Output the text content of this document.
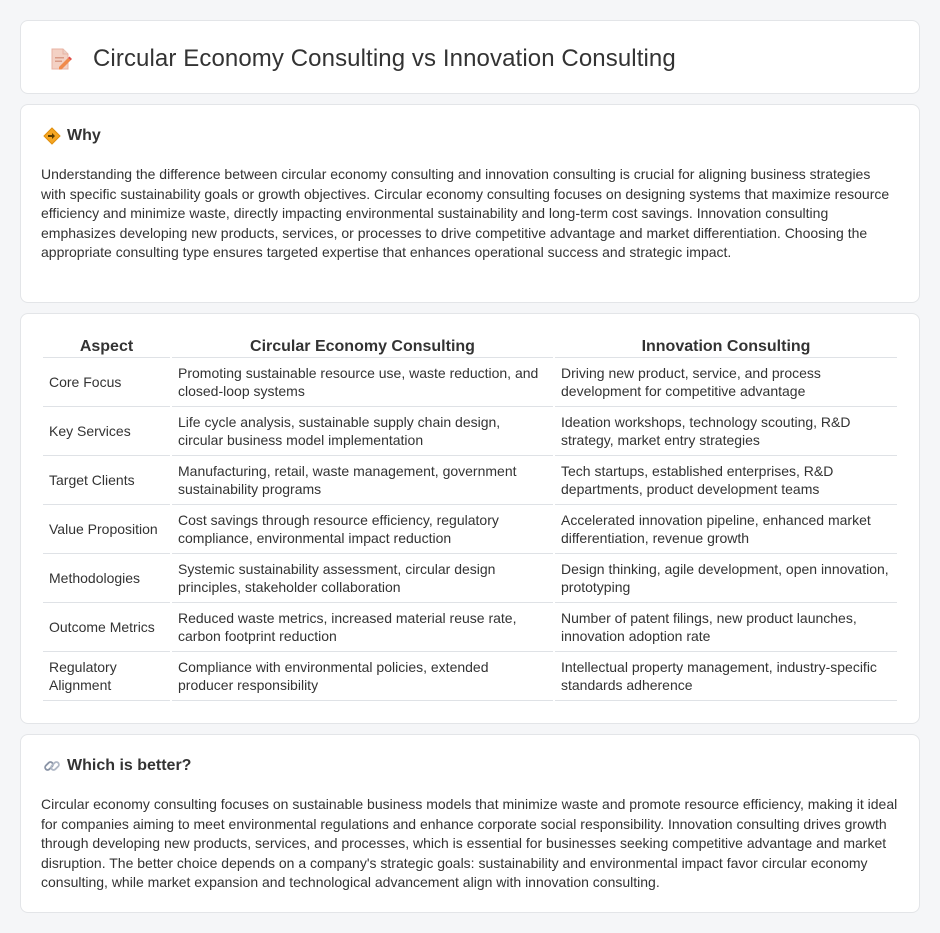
Circular Economy Consulting vs Innovation Consulting
Why

Understanding the difference between circular economy consulting and innovation consulting is crucial for aligning business strategies with specific sustainability goals or growth objectives. Circular economy consulting focuses on designing systems that maximize resource efficiency and minimize waste, directly impacting environmental sustainability and long-term cost savings. Innovation consulting emphasizes developing new products, services, or processes to drive competitive advantage and market differentiation. Choosing the appropriate consulting type ensures targeted expertise that enhances operational success and strategic impact.

Aspect	Circular Economy Consulting	Innovation Consulting
Core Focus	Promoting sustainable resource use, waste reduction, and closed-loop systems	Driving new product, service, and process development for competitive advantage
Key Services	Life cycle analysis, sustainable supply chain design, circular business model implementation	Ideation workshops, technology scouting, R&D strategy, market entry strategies
Target Clients	Manufacturing, retail, waste management, government sustainability programs	Tech startups, established enterprises, R&D departments, product development teams
Value Proposition	Cost savings through resource efficiency, regulatory compliance, environmental impact reduction	Accelerated innovation pipeline, enhanced market differentiation, revenue growth
Methodologies	Systemic sustainability assessment, circular design principles, stakeholder collaboration	Design thinking, agile development, open innovation, prototyping
Outcome Metrics	Reduced waste metrics, increased material reuse rate, carbon footprint reduction	Number of patent filings, new product launches, innovation adoption rate
Regulatory Alignment	Compliance with environmental policies, extended producer responsibility	Intellectual property management, industry-specific standards adherence
Which is better?

Circular economy consulting focuses on sustainable business models that minimize waste and promote resource efficiency, making it ideal for companies aiming to meet environmental regulations and enhance corporate social responsibility. Innovation consulting drives growth through developing new products, services, and processes, which is essential for businesses seeking competitive advantage and market disruption. The better choice depends on a company's strategic goals: sustainability and environmental impact favor circular economy consulting, while market expansion and technological advancement align with innovation consulting.
